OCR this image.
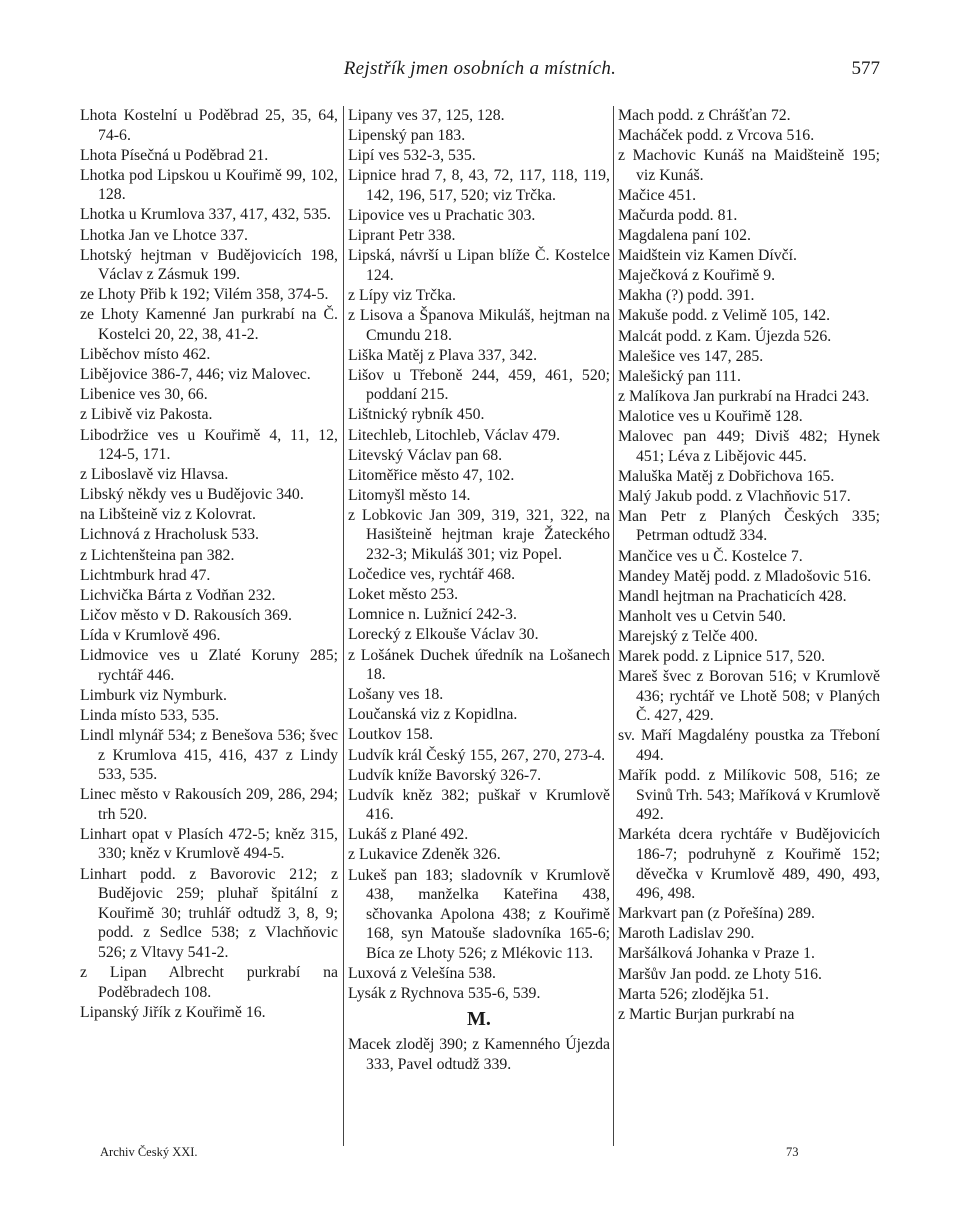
Rejstřík jmen osobních a místních.	577
Lhota Kostelní u Poděbrad 25, 35, 64, 74-6.
Lhota Písečná u Poděbrad 21.
Lhotka pod Lipskou u Kouřimě 99, 102, 128.
Lhotka u Krumlova 337, 417, 432, 535.
Lhotka Jan ve Lhotce 337.
Lhotský hejtman v Budějovicích 198, Václav z Zásmuk 199.
ze Lhoty Přib k 192; Vilém 358, 374-5.
ze Lhoty Kamenné Jan purkrabí na Č. Kostelci 20, 22, 38, 41-2.
Liběchov místo 462.
Liběјovice 386-7, 446; viz Malovec.
Libenice ves 30, 66.
z Libivě viz Pakosta.
Libodržice ves u Kouřimě 4, 11, 12, 124-5, 171.
z Liboslavě viz Hlavsa.
Libský někdy ves u Budějovic 340.
na Libšteině viz z Kolovrat.
Lichnová z Hracholusk 533.
z Lichtenšteina pan 382.
Lichtmburk hrad 47.
Lichvička Bárta z Vodňan 232.
Ličov město v D. Rakousích 369.
Lída v Krumlově 496.
Lidmovice ves u Zlaté Koruny 285; rychtář 446.
Limburk viz Nymburk.
Linda místo 533, 535.
Lindl mlynář 534; z Benešova 536; švec z Krumlova 415, 416, 437 z Lindy 533, 535.
Linec město v Rakousích 209, 286, 294; trh 520.
Linhart opat v Plasích 472-5; kněz 315, 330; kněz v Krumlově 494-5.
Linhart podd. z Bavorovic 212; z Budějovic 259; pluhař špitální z Kouřimě 30; truhlář odtudž 3, 8, 9; podd. z Sedlce 538; z Vlachňovic 526; z Vltavy 541-2.
z Lipan Albrecht purkrabí na Poděbradech 108.
Lipanský Jiřík z Kouřimě 16.
Lipany ves 37, 125, 128.
Lipenský pan 183.
Lipí ves 532-3, 535.
Lipnice hrad 7, 8, 43, 72, 117, 118, 119, 142, 196, 517, 520; viz Trčka.
Lipovice ves u Prachatic 303.
Liprant Petr 338.
Lipská, návrší u Lipan blíže Č. Kostelce 124.
z Lípy viz Trčka.
z Lisova a Španova Mikuláš, hejtman na Cmundu 218.
Liška Matěj z Plava 337, 342.
Lišov u Třeboně 244, 459, 461, 520; poddaní 215.
Lištnický rybník 450.
Litechleb, Litochleb, Václav 479.
Litevský Václav pan 68.
Litoměřice město 47, 102.
Litomyšl město 14.
z Lobkovic Jan 309, 319, 321, 322, na Hasišteině hejtman kraje Žateckého 232-3; Mikuláš 301; viz Popel.
Ločedice ves, rychtář 468.
Loket město 253.
Lomnice n. Lužnicí 242-3.
Lorecký z Elkouše Václav 30.
z Lošánek Duchek úředník na Lošanech 18.
Lošany ves 18.
Loučanská viz z Kopidlna.
Loutkov 158.
Ludvík král Český 155, 267, 270, 273-4.
Ludvík kníže Bavorský 326-7.
Ludvík kněz 382; puškař v Krumlově 416.
Lukáš z Plané 492.
z Lukavice Zdeněk 326.
Lukeš pan 183; sladovník v Krumlově 438, manželka Kateřina 438, sčhovanka Apolona 438; z Kouřimě 168, syn Matouše sladovníka 165-6; Bíca ze Lhoty 526; z Mlékovic 113.
Luxová z Velešína 538.
Lysák z Rychnova 535-6, 539.
M.
Macek zloděj 390; z Kamenného Újezda 333, Pavel odtudž 339.
Mach podd. z Chrášťan 72.
Macháček podd. z Vrcova 516.
z Machovic Kunáš na Maidšteině 195; viz Kunáš.
Mačice 451.
Mačurda podd. 81.
Magdalena paní 102.
Maidštein viz Kamen Dívčí.
Maječková z Kouřimě 9.
Makha (?) podd. 391.
Makuše podd. z Velimě 105, 142.
Malcát podd. z Kam. Újezda 526.
Malešice ves 147, 285.
Malešický pan 111.
z Malíkova Jan purkrabí na Hradci 243.
Malotice ves u Kouřimě 128.
Malovec pan 449; Diviš 482; Hynek 451; Léva z Liběјovic 445.
Maluška Matěj z Dobřichova 165.
Malý Jakub podd. z Vlachňovic 517.
Man Petr z Planých Českých 335; Petrman odtudž 334.
Mančice ves u Č. Kostelce 7.
Mandey Matěj podd. z Mladošovic 516.
Mandl hejtman na Prachaticích 428.
Manholt ves u Cetvin 540.
Marejský z Telče 400.
Marek podd. z Lipnice 517, 520.
Mareš švec z Borovan 516; v Krumlově 436; rychtář ve Lhotě 508; v Planých Č. 427, 429.
sv. Maří Magdalény poustka za Třeboní 494.
Mařík podd. z Milíkovic 508, 516; ze Svinů Trh. 543; Maříková v Krumlově 492.
Markéta dcera rychtáře v Budějovicích 186-7; podruhyně z Kouřimě 152; děvečka v Krumlově 489, 490, 493, 496, 498.
Markvart pan (z Pořešína) 289.
Maroth Ladislav 290.
Maršálková Johanka v Praze 1.
Maršův Jan podd. ze Lhoty 516.
Marta 526; zlodějka 51.
z Martic Burjan purkrabí na
Archiv Český XXI.	73
